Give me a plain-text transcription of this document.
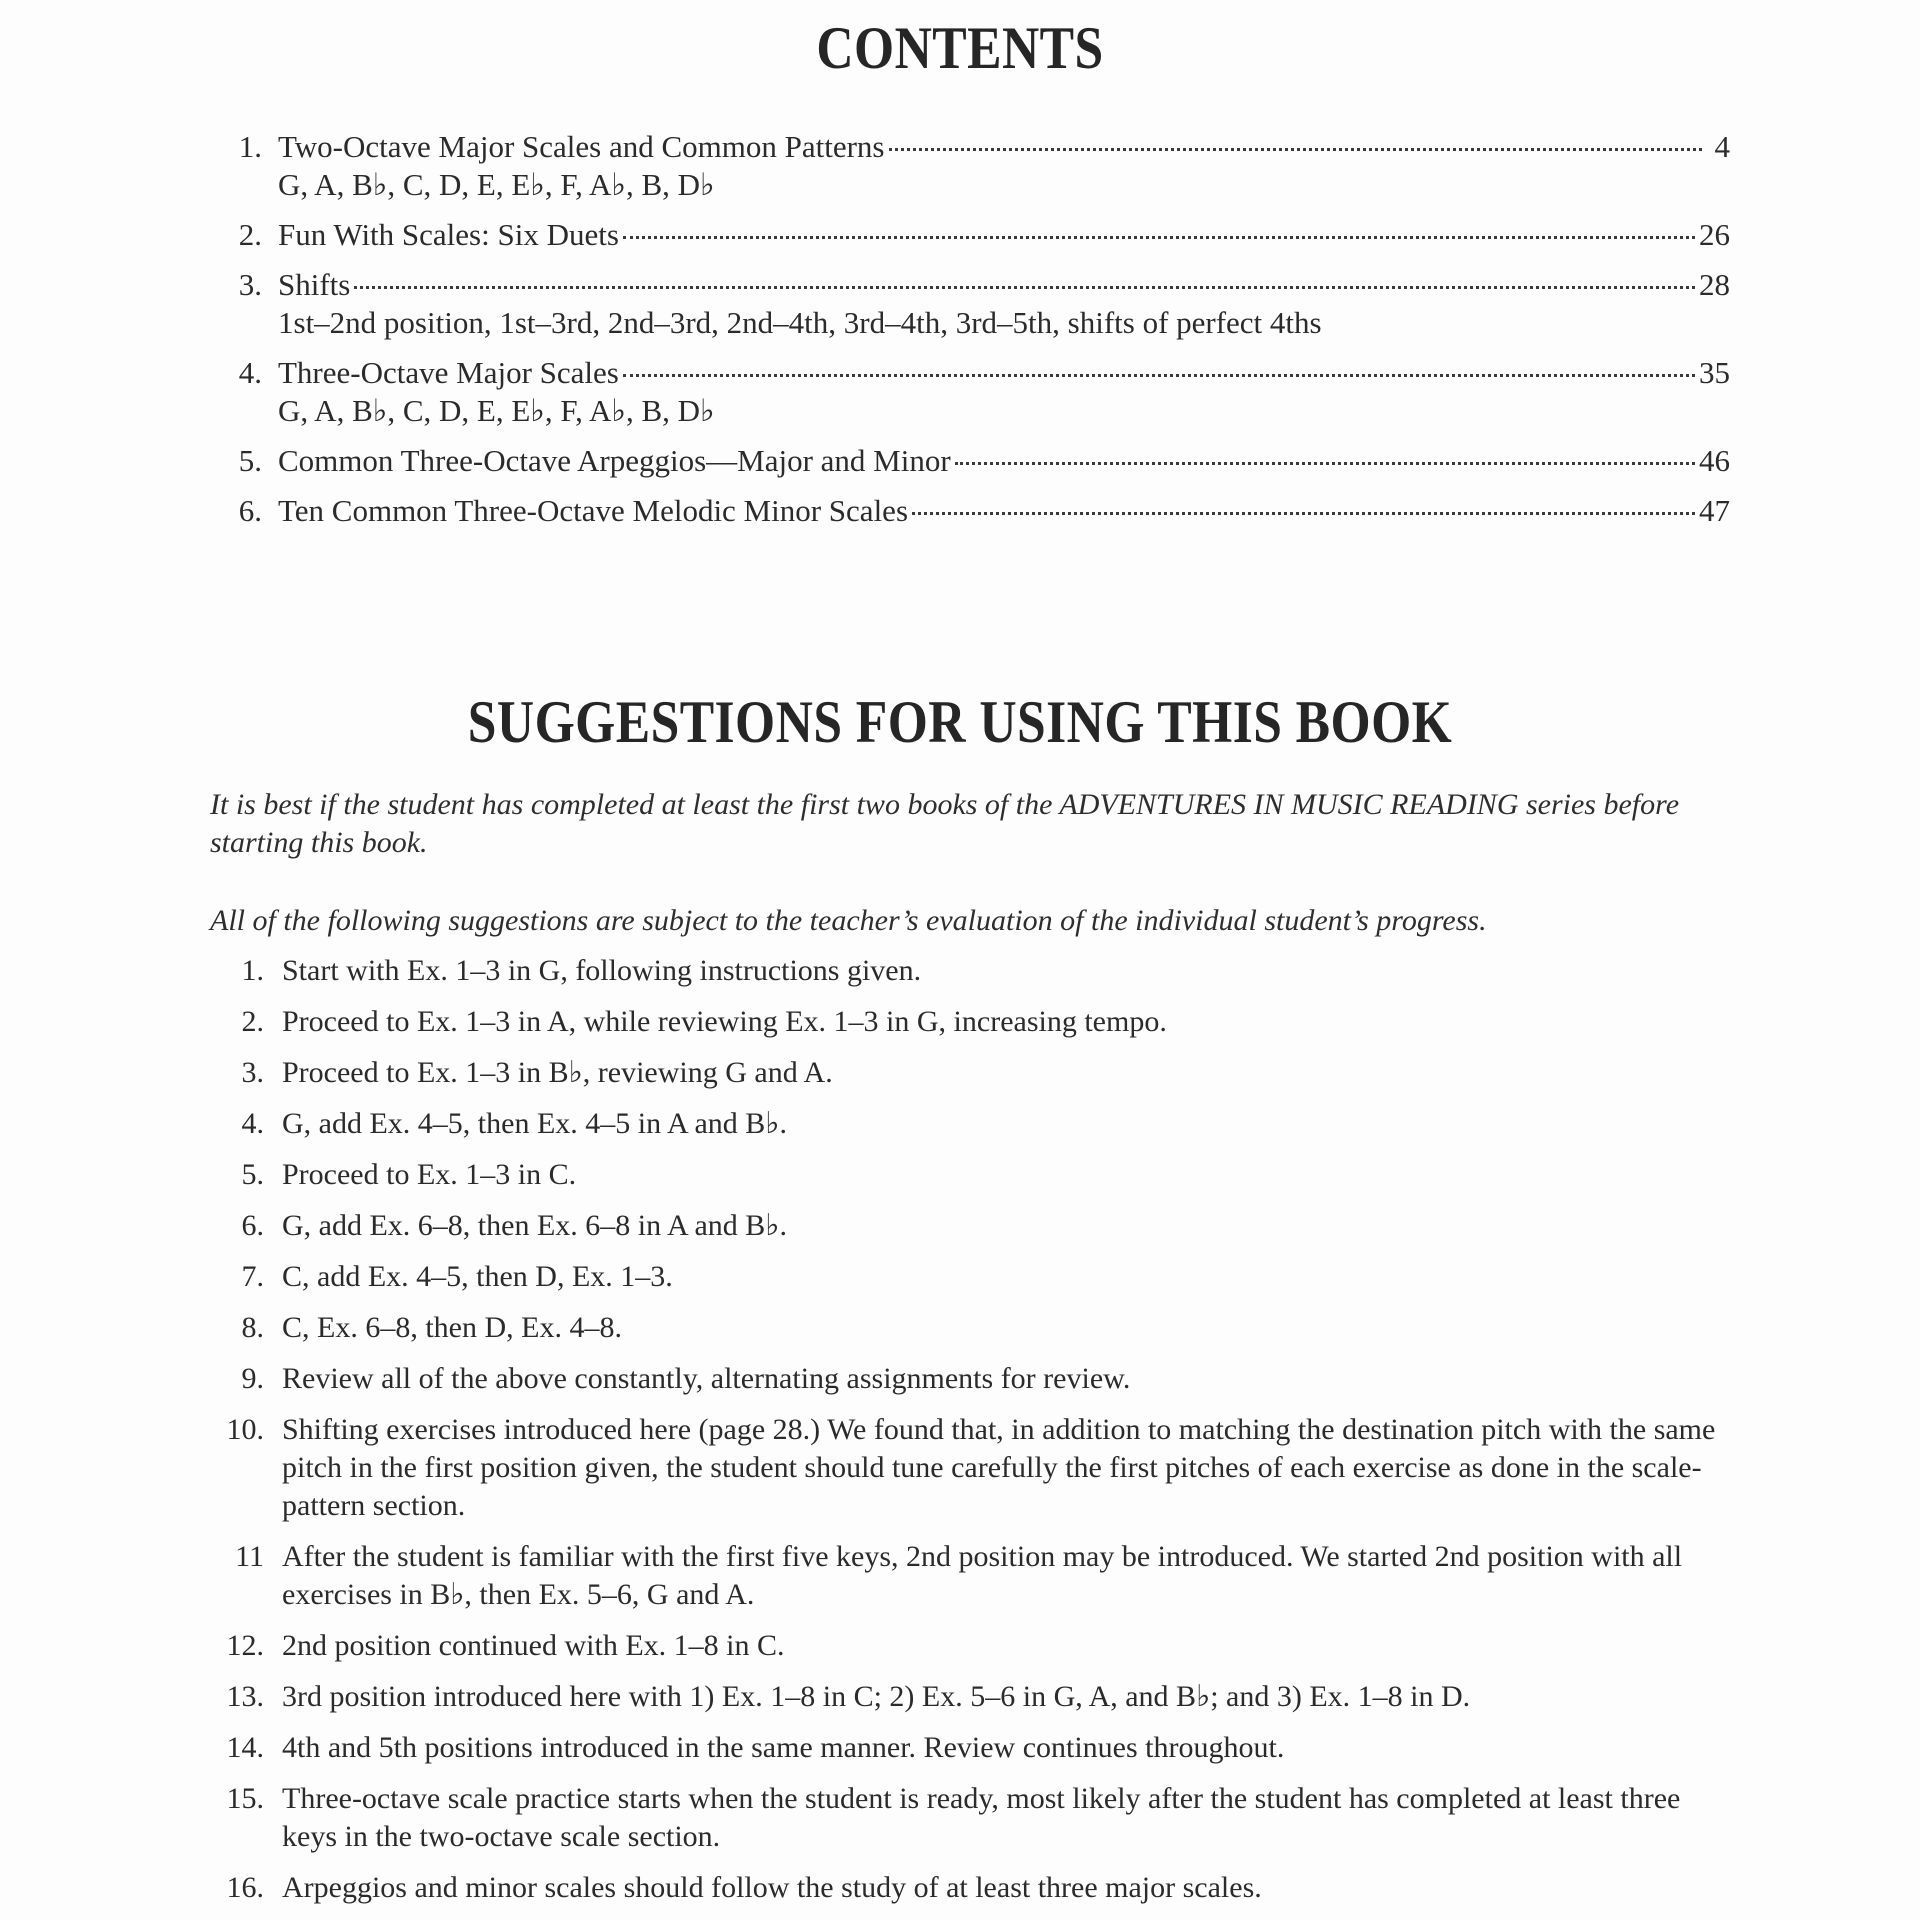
CONTENTS
1. Two-Octave Major Scales and Common Patterns	4
G, A, B♭, C, D, E, E♭, F, A♭, B, D♭
2. Fun With Scales: Six Duets	26
3. Shifts	28
1st–2nd position, 1st–3rd, 2nd–3rd, 2nd–4th, 3rd–4th, 3rd–5th, shifts of perfect 4ths
4. Three-Octave Major Scales	35
G, A, B♭, C, D, E, E♭, F, A♭, B, D♭
5. Common Three-Octave Arpeggios—Major and Minor	46
6. Ten Common Three-Octave Melodic Minor Scales	47
SUGGESTIONS FOR USING THIS BOOK
It is best if the student has completed at least the first two books of the ADVENTURES IN MUSIC READING series before starting this book.
All of the following suggestions are subject to the teacher’s evaluation of the individual student’s progress.
1. Start with Ex. 1–3 in G, following instructions given.
2. Proceed to Ex. 1–3 in A, while reviewing Ex. 1–3 in G, increasing tempo.
3. Proceed to Ex. 1–3 in B♭, reviewing G and A.
4. G, add Ex. 4–5, then Ex. 4–5 in A and B♭.
5. Proceed to Ex. 1–3 in C.
6. G, add Ex. 6–8, then Ex. 6–8 in A and B♭.
7. C, add Ex. 4–5, then D, Ex. 1–3.
8. C, Ex. 6–8, then D, Ex. 4–8.
9. Review all of the above constantly, alternating assignments for review.
10. Shifting exercises introduced here (page 28.) We found that, in addition to matching the destination pitch with the same pitch in the first position given, the student should tune carefully the first pitches of each exercise as done in the scale-pattern section.
11 After the student is familiar with the first five keys, 2nd position may be introduced. We started 2nd position with all exercises in B♭, then Ex. 5–6, G and A.
12. 2nd position continued with Ex. 1–8 in C.
13. 3rd position introduced here with 1) Ex. 1–8 in C; 2) Ex. 5–6 in G, A, and B♭; and 3) Ex. 1–8 in D.
14. 4th and 5th positions introduced in the same manner. Review continues throughout.
15. Three-octave scale practice starts when the student is ready, most likely after the student has completed at least three keys in the two-octave scale section.
16. Arpeggios and minor scales should follow the study of at least three major scales.
